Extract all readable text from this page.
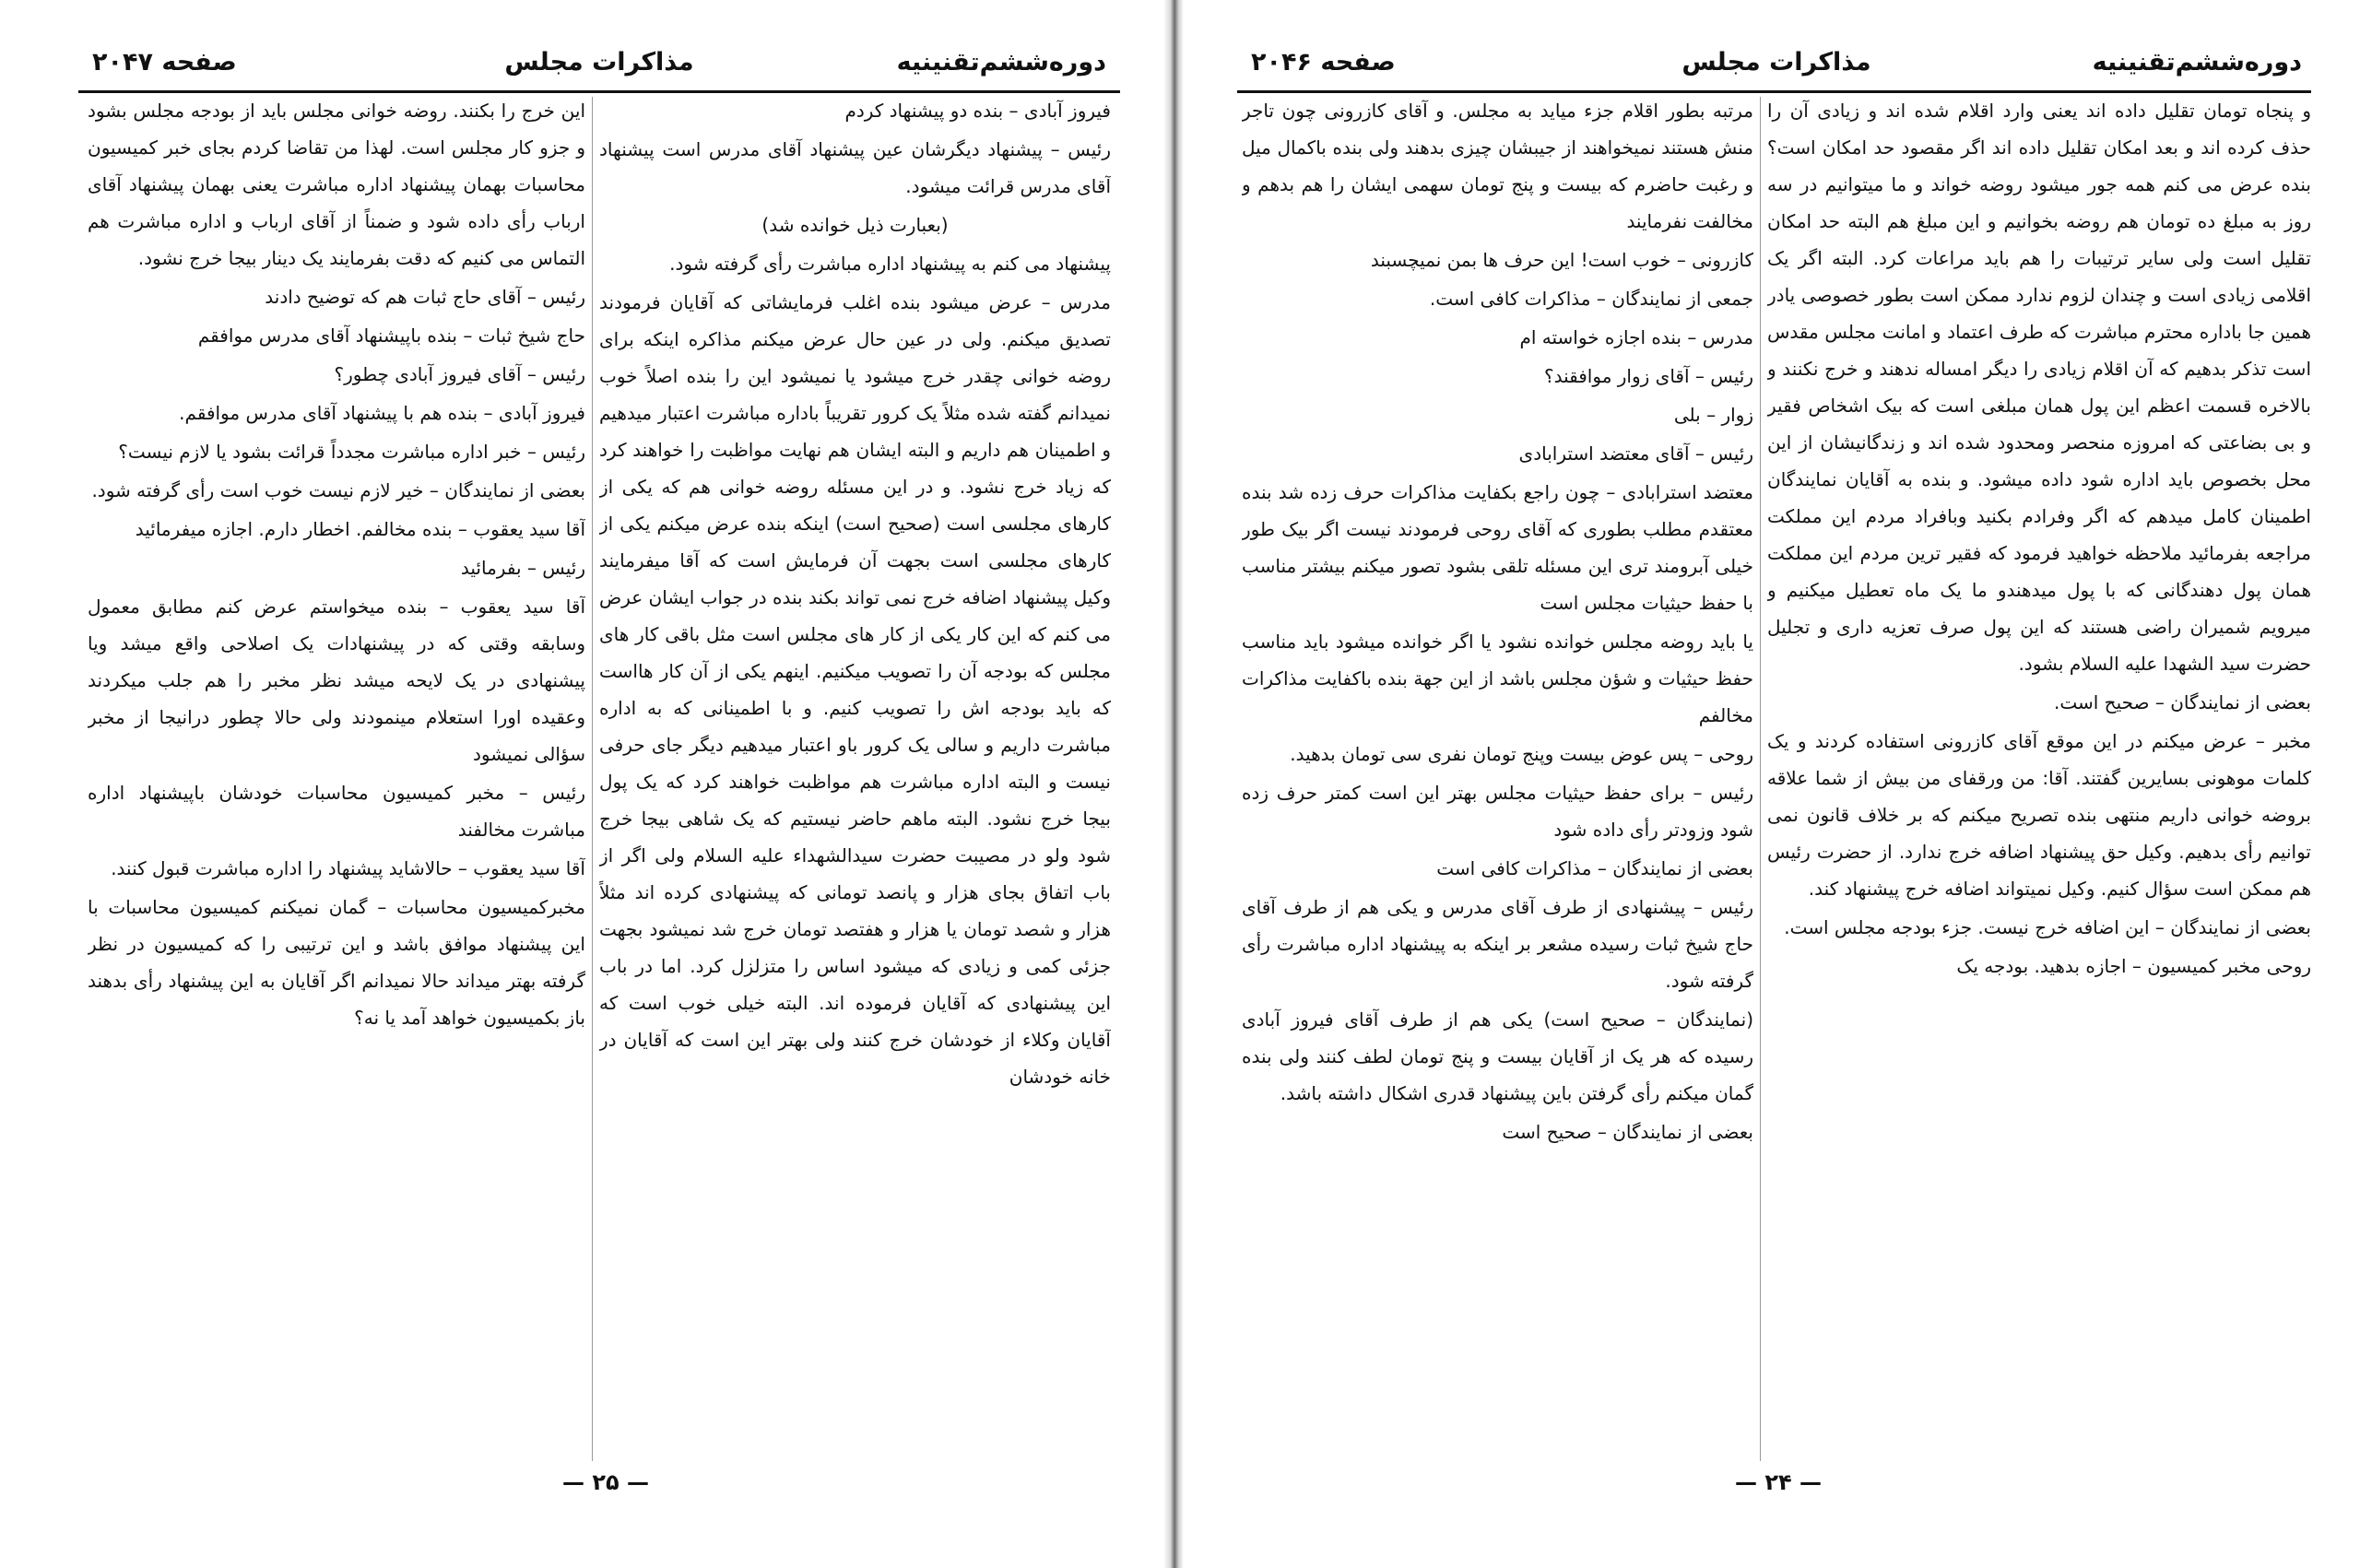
دوره‌ششم‌تقنینیه
مذاکرات مجلس
صفحه ۲۰۴۷

فیروز آبادی – بنده دو پیشنهاد کردم

رئیس – پیشنهاد دیگرشان عین پیشنهاد آقای مدرس است پیشنهاد آقای مدرس قرائت میشود.

(بعبارت ذیل خوانده شد)

پیشنهاد می کنم به پیشنهاد اداره مباشرت رأی گرفته شود.

مدرس – عرض میشود بنده اغلب فرمایشاتی که آقایان فرمودند تصدیق میکنم. ولی در عین حال عرض میکنم مذاکره اینکه برای روضه خوانی چقدر خرج میشود یا نمیشود این را بنده اصلاً خوب نمیدانم گفته شده مثلاً یک کرور تقریباً باداره مباشرت اعتبار میدهیم و اطمینان هم داریم و البته ایشان هم نهایت مواظبت را خواهند کرد که زیاد خرج نشود. و در این مسئله روضه خوانی هم که یکی از کارهای مجلسی است (صحیح است) اینکه بنده عرض میکنم یکی از کارهای مجلسی است بجهت آن فرمایش است که آقا میفرمایند وکیل پیشنهاد اضافه خرج نمی تواند بکند بنده در جواب ایشان عرض می کنم که این کار یکی از کار های مجلس است مثل باقی کار های مجلس که بودجه آن را تصویب میکنیم. اینهم یکی از آن کار هااست که باید بودجه اش را تصویب کنیم. و با اطمینانی که به اداره مباشرت داریم و سالی یک کرور باو اعتبار میدهیم دیگر جای حرفی نیست و البته اداره مباشرت هم مواظبت خواهند کرد که یک پول بیجا خرج نشود. البته ماهم حاضر نیستیم که یک شاهی بیجا خرج شود ولو در مصیبت حضرت سیدالشهداء علیه السلام ولی اگر از باب اتفاق بجای هزار و پانصد تومانی که پیشنهادی کرده اند مثلاً هزار و شصد تومان یا هزار و هفتصد تومان خرج شد نمیشود بجهت جزئی کمی و زیادی که میشود اساس را متزلزل کرد. اما در باب این پیشنهادی که آقایان فرموده اند. البته خیلی خوب است که آقایان وکلاء از خودشان خرج کنند ولی بهتر این است که آقایان در خانه خودشان

این خرج را بکنند. روضه خوانی مجلس باید از بودجه مجلس بشود و جزو کار مجلس است. لهذا من تقاضا کردم بجای خبر کمیسیون محاسبات بهمان پیشنهاد اداره مباشرت یعنی بهمان پیشنهاد آقای ارباب رأی داده شود و ضمناً از آقای ارباب و اداره مباشرت هم التماس می کنیم که دقت بفرمایند یک دینار بیجا خرج نشود.

رئیس – آقای حاج ثبات هم که توضیح دادند

حاج شیخ ثبات – بنده باپیشنهاد آقای مدرس موافقم

رئیس – آقای فیروز آبادی چطور؟

فیروز آبادی – بنده هم با پیشنهاد آقای مدرس موافقم.

رئیس – خبر اداره مباشرت مجدداً قرائت بشود یا لازم نیست؟

بعضی از نمایندگان – خیر لازم نیست خوب است رأی گرفته شود.

آقا سید یعقوب – بنده مخالفم. اخطار دارم. اجازه میفرمائید

رئیس – بفرمائید

آقا سید یعقوب – بنده میخواستم عرض کنم مطابق معمول وسابقه وقتی که در پیشنهادات یک اصلاحی واقع میشد ویا پیشنهادی در یک لایحه میشد نظر مخبر را هم جلب میکردند وعقیده اورا استعلام مینمودند ولی حالا چطور درانیجا از مخبر سؤالی نمیشود

رئیس – مخبر کمیسیون محاسبات خودشان باپیشنهاد اداره مباشرت مخالفند

آقا سید یعقوب – حالاشاید پیشنهاد را اداره مباشرت قبول کنند.

مخبرکمیسیون محاسبات – گمان نمیکنم کمیسیون محاسبات با این پیشنهاد موافق باشد و این ترتیبی را که کمیسیون در نظر گرفته بهتر میداند حالا نمیدانم اگر آقایان به این پیشنهاد رأی بدهند باز بکمیسیون خواهد آمد یا نه؟

— ۲۵ —
دوره‌ششم‌تقنینیه
مذاکرات مجلس
صفحه ۲۰۴۶

و پنجاه تومان تقلیل داده اند یعنی وارد اقلام شده اند و زیادی آن را حذف کرده اند و بعد امکان تقلیل داده اند اگر مقصود حد امکان است؟ بنده عرض می کنم همه جور میشود روضه خواند و ما میتوانیم در سه روز به مبلغ ده تومان هم روضه بخوانیم و این مبلغ هم البته حد امکان تقلیل است ولی سایر ترتیبات را هم باید مراعات کرد. البته اگر یک اقلامی زیادی است و چندان لزوم ندارد ممکن است بطور خصوصی یادر همین جا باداره محترم مباشرت که طرف اعتماد و امانت مجلس مقدس است تذکر بدهیم که آن اقلام زیادی را دیگر امساله ندهند و خرج نکنند و بالاخره قسمت اعظم این پول همان مبلغی است که بیک اشخاص فقیر و بی بضاعتی که امروزه منحصر ومحدود شده اند و زندگانیشان از این محل بخصوص باید اداره شود داده میشود. و بنده به آقایان نمایندگان اطمینان کامل میدهم که اگر وفرادم بکنید وبافراد مردم این مملکت مراجعه بفرمائید ملاحظه خواهید فرمود که فقیر ترین مردم این مملکت همان پول دهندگانی که با پول میدهندو ما یک ماه تعطیل میکنیم و میرویم شمیران راضی هستند که این پول صرف تعزیه داری و تجلیل حضرت سید الشهدا علیه السلام بشود.

بعضی از نمایندگان – صحیح است.

مخبر – عرض میکنم در این موقع آقای کازرونی استفاده کردند و یک کلمات موهونی بسایرین گفتند. آقا: من ورقفای من بیش از شما علاقه بروضه خوانی داریم منتهی بنده تصریح میکنم که بر خلاف قانون نمی توانیم رأی بدهیم. وکیل حق پیشنهاد اضافه خرج ندارد. از حضرت رئیس هم ممکن است سؤال کنیم. وکیل نمیتواند اضافه خرج پیشنهاد کند.

بعضی از نمایندگان – این اضافه خرج نیست. جزء بودجه مجلس است.

روحی مخبر کمیسیون – اجازه بدهید. بودجه یک

مرتبه بطور اقلام جزء میاید به مجلس. و آقای کازرونی چون تاجر منش هستند نمیخواهند از جیبشان چیزی بدهند ولی بنده باکمال میل و رغبت حاضرم که بیست و پنج تومان سهمی ایشان را هم بدهم و مخالفت نفرمایند

کازرونی – خوب است! این حرف ها بمن نمیچسبند

جمعی از نمایندگان – مذاکرات کافی است.

مدرس – بنده اجازه خواسته ام

رئیس – آقای زوار موافقند؟

زوار – بلی

رئیس – آقای معتضد استرابادی

معتضد استرابادی – چون راجع بکفایت مذاکرات حرف زده شد بنده معتقدم مطلب بطوری که آقای روحی فرمودند نیست اگر بیک طور خیلی آبرومند تری این مسئله تلقی بشود تصور میکنم بیشتر مناسب با حفظ حیثیات مجلس است

یا باید روضه مجلس خوانده نشود یا اگر خوانده میشود باید مناسب حفظ حیثیات و شؤن مجلس باشد از این جهة بنده باکفایت مذاکرات مخالفم

روحی – پس عوض بیست وپنج تومان نفری سی تومان بدهید.

رئیس – برای حفظ حیثیات مجلس بهتر این است کمتر حرف زده شود وزودتر رأی داده شود

بعضی از نمایندگان – مذاکرات کافی است

رئیس – پیشنهادی از طرف آقای مدرس و یکی هم از طرف آقای حاج شیخ ثبات رسیده مشعر بر اینکه به پیشنهاد اداره مباشرت رأی گرفته شود.

(نمایندگان – صحیح است) یکی هم از طرف آقای فیروز آبادی رسیده که هر یک از آقایان بیست و پنج تومان لطف کنند ولی بنده گمان میکنم رأی گرفتن باین پیشنهاد قدری اشکال داشته باشد.

بعضی از نمایندگان – صحیح است

— ۲۴ —
